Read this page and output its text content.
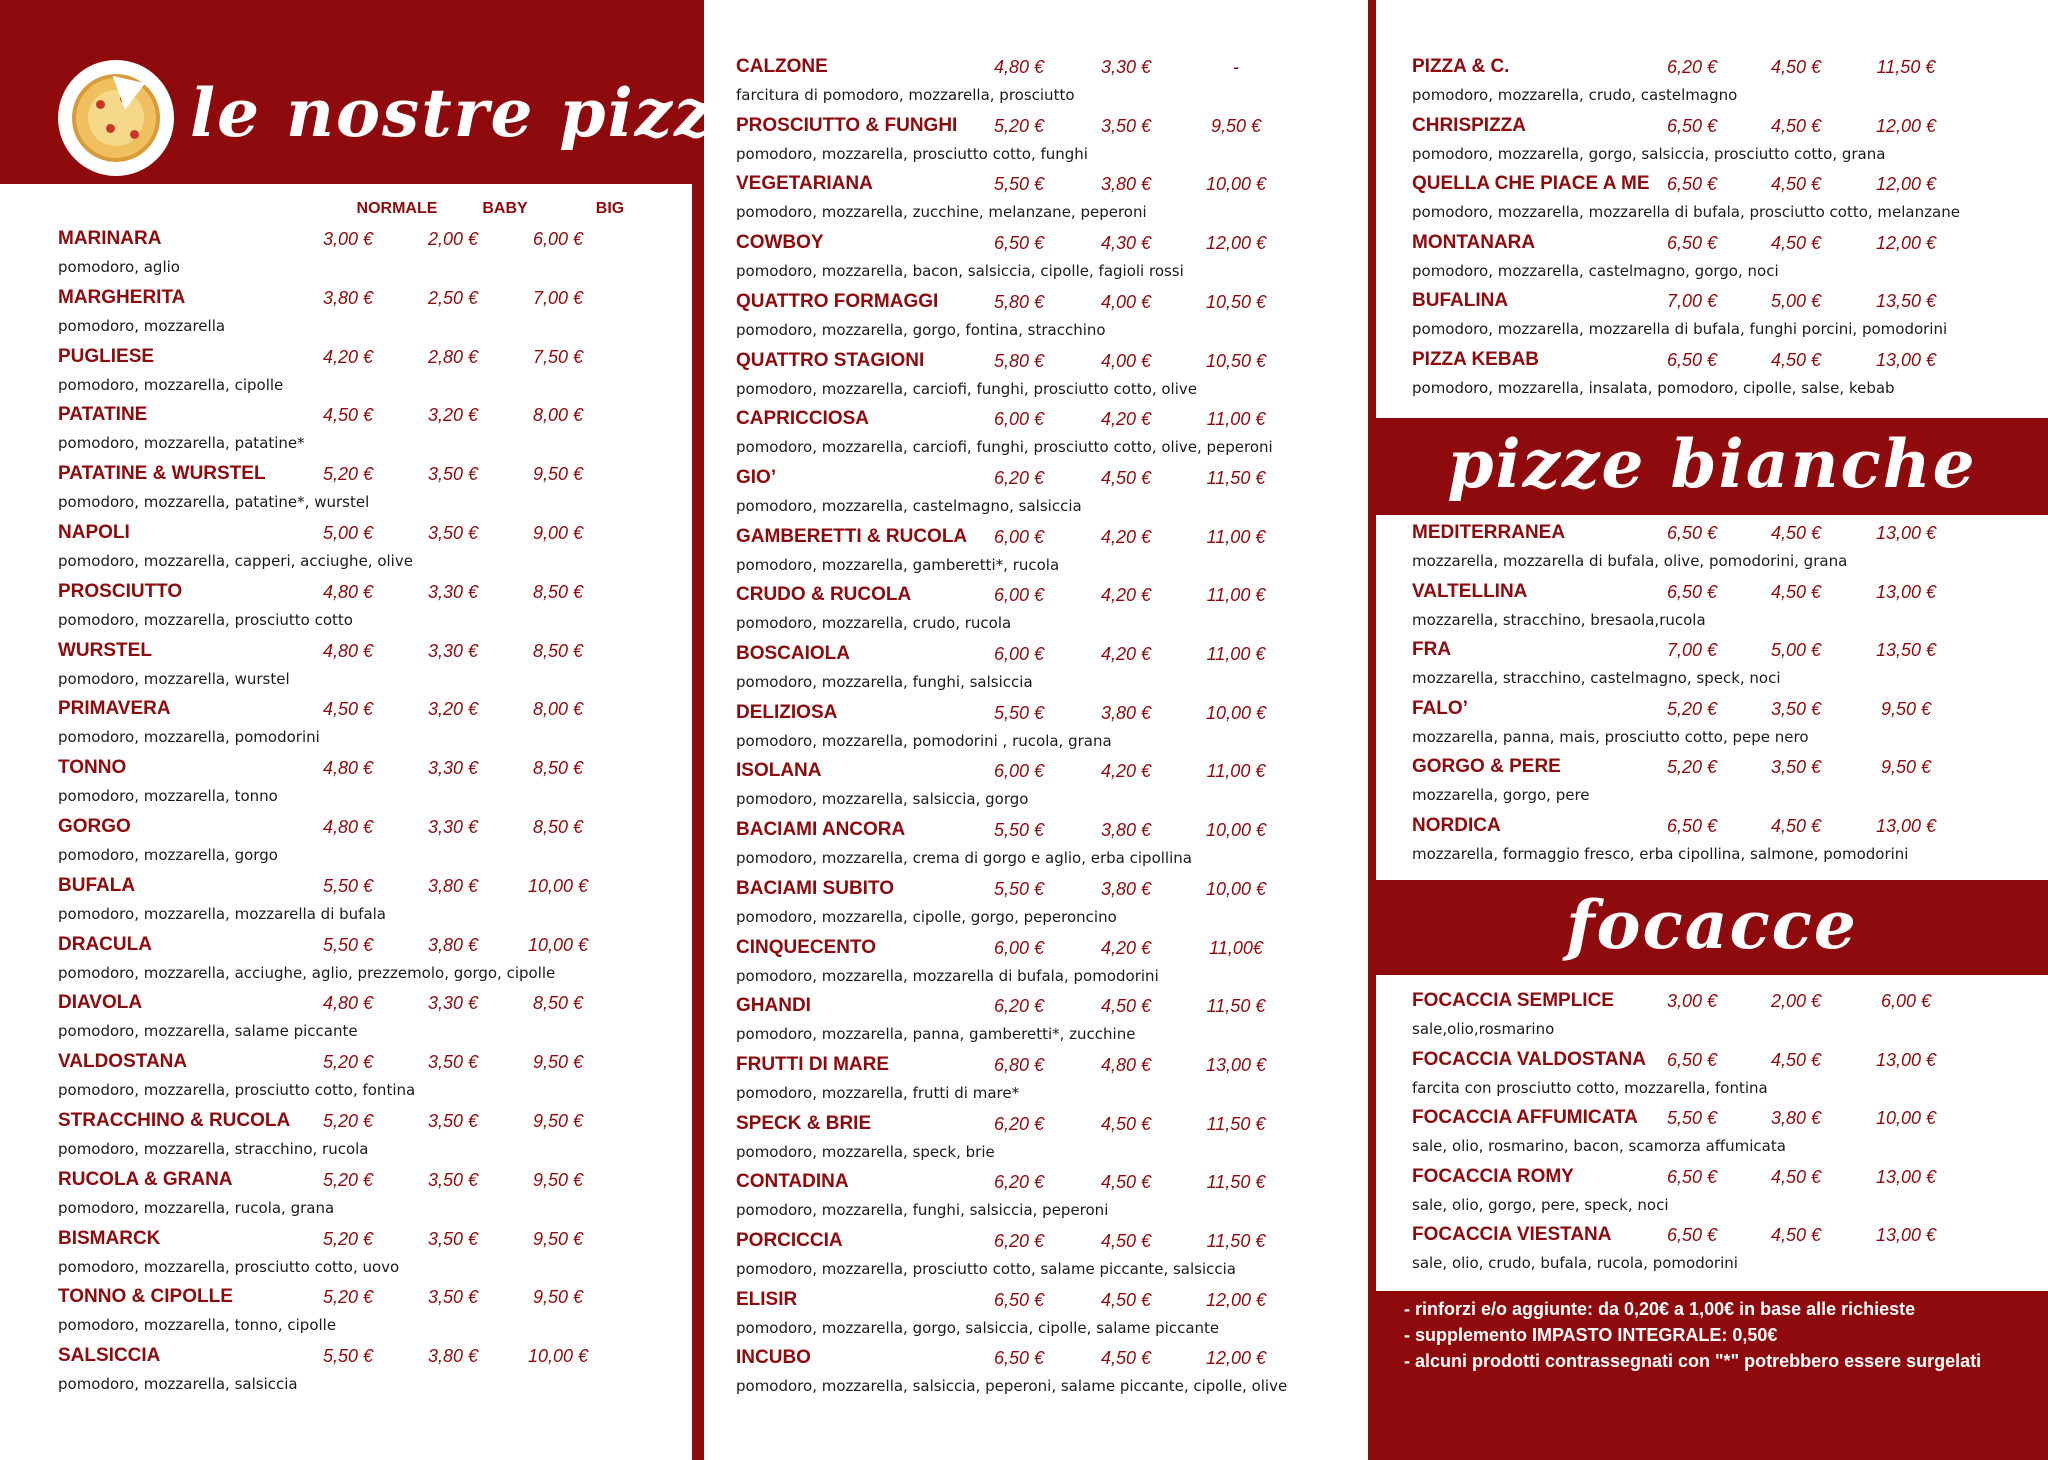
le nostre pizze
pizze bianche
focacce
NORMALE	BABY	BIG
MARINARA	3,00 €	2,00 €	6,00 €
pomodoro, aglio
MARGHERITA	3,80 €	2,50 €	7,00 €
pomodoro, mozzarella
PUGLIESE	4,20 €	2,80 €	7,50 €
pomodoro, mozzarella, cipolle
PATATINE	4,50 €	3,20 €	8,00 €
pomodoro, mozzarella, patatine*
PATATINE & WURSTEL	5,20 €	3,50 €	9,50 €
pomodoro, mozzarella, patatine*, wurstel
NAPOLI	5,00 €	3,50 €	9,00 €
pomodoro, mozzarella, capperi, acciughe, olive
PROSCIUTTO	4,80 €	3,30 €	8,50 €
pomodoro, mozzarella, prosciutto cotto
WURSTEL	4,80 €	3,30 €	8,50 €
pomodoro, mozzarella, wurstel
PRIMAVERA	4,50 €	3,20 €	8,00 €
pomodoro, mozzarella, pomodorini
TONNO	4,80 €	3,30 €	8,50 €
pomodoro, mozzarella, tonno
GORGO	4,80 €	3,30 €	8,50 €
pomodoro, mozzarella, gorgo
BUFALA	5,50 €	3,80 €	10,00 €
pomodoro, mozzarella, mozzarella di bufala
DRACULA	5,50 €	3,80 €	10,00 €
pomodoro, mozzarella, acciughe, aglio, prezzemolo, gorgo, cipolle
DIAVOLA	4,80 €	3,30 €	8,50 €
pomodoro, mozzarella, salame piccante
VALDOSTANA	5,20 €	3,50 €	9,50 €
pomodoro, mozzarella, prosciutto cotto, fontina
STRACCHINO & RUCOLA	5,20 €	3,50 €	9,50 €
pomodoro, mozzarella, stracchino, rucola
RUCOLA & GRANA	5,20 €	3,50 €	9,50 €
pomodoro, mozzarella, rucola, grana
BISMARCK	5,20 €	3,50 €	9,50 €
pomodoro, mozzarella, prosciutto cotto, uovo
TONNO & CIPOLLE	5,20 €	3,50 €	9,50 €
pomodoro, mozzarella, tonno, cipolle
SALSICCIA	5,50 €	3,80 €	10,00 €
pomodoro, mozzarella, salsiccia
CALZONE	4,80 €	3,30 €	-
farcitura di pomodoro, mozzarella, prosciutto
PROSCIUTTO & FUNGHI	5,20 €	3,50 €	9,50 €
pomodoro, mozzarella, prosciutto cotto, funghi
VEGETARIANA	5,50 €	3,80 €	10,00 €
pomodoro, mozzarella, zucchine, melanzane, peperoni
COWBOY	6,50 €	4,30 €	12,00 €
pomodoro, mozzarella, bacon, salsiccia, cipolle, fagioli rossi
QUATTRO FORMAGGI	5,80 €	4,00 €	10,50 €
pomodoro, mozzarella, gorgo, fontina, stracchino
QUATTRO STAGIONI	5,80 €	4,00 €	10,50 €
pomodoro, mozzarella, carciofi, funghi, prosciutto cotto, olive
CAPRICCIOSA	6,00 €	4,20 €	11,00 €
pomodoro, mozzarella, carciofi, funghi, prosciutto cotto, olive, peperoni
GIO’	6,20 €	4,50 €	11,50 €
pomodoro, mozzarella, castelmagno, salsiccia
GAMBERETTI & RUCOLA	6,00 €	4,20 €	11,00 €
pomodoro, mozzarella, gamberetti*, rucola
CRUDO & RUCOLA	6,00 €	4,20 €	11,00 €
pomodoro, mozzarella, crudo, rucola
BOSCAIOLA	6,00 €	4,20 €	11,00 €
pomodoro, mozzarella, funghi, salsiccia
DELIZIOSA	5,50 €	3,80 €	10,00 €
pomodoro, mozzarella, pomodorini , rucola, grana
ISOLANA	6,00 €	4,20 €	11,00 €
pomodoro, mozzarella, salsiccia, gorgo
BACIAMI ANCORA	5,50 €	3,80 €	10,00 €
pomodoro, mozzarella, crema di gorgo e aglio, erba cipollina
BACIAMI SUBITO	5,50 €	3,80 €	10,00 €
pomodoro, mozzarella, cipolle, gorgo, peperoncino
CINQUECENTO	6,00 €	4,20 €	11,00€
pomodoro, mozzarella, mozzarella di bufala, pomodorini
GHANDI	6,20 €	4,50 €	11,50 €
pomodoro, mozzarella, panna, gamberetti*, zucchine
FRUTTI DI MARE	6,80 €	4,80 €	13,00 €
pomodoro, mozzarella, frutti di mare*
SPECK & BRIE	6,20 €	4,50 €	11,50 €
pomodoro, mozzarella, speck, brie
CONTADINA	6,20 €	4,50 €	11,50 €
pomodoro, mozzarella, funghi, salsiccia, peperoni
PORCICCIA	6,20 €	4,50 €	11,50 €
pomodoro, mozzarella, prosciutto cotto, salame piccante, salsiccia
ELISIR	6,50 €	4,50 €	12,00 €
pomodoro, mozzarella, gorgo, salsiccia, cipolle, salame piccante
INCUBO	6,50 €	4,50 €	12,00 €
pomodoro, mozzarella, salsiccia, peperoni, salame piccante, cipolle, olive
PIZZA & C.	6,20 €	4,50 €	11,50 €
pomodoro, mozzarella, crudo, castelmagno
CHRISPIZZA	6,50 €	4,50 €	12,00 €
pomodoro, mozzarella, gorgo, salsiccia, prosciutto cotto, grana
QUELLA CHE PIACE A ME 6,50 €	4,50 €	12,00 €
pomodoro, mozzarella, mozzarella di bufala, prosciutto cotto, melanzane
MONTANARA	6,50 €	4,50 €	12,00 €
pomodoro, mozzarella, castelmagno, gorgo, noci
BUFALINA	7,00 €	5,00 €	13,50 €
pomodoro, mozzarella, mozzarella di bufala, funghi porcini, pomodorini
PIZZA KEBAB	6,50 €	4,50 €	13,00 €
pomodoro, mozzarella, insalata, pomodoro, cipolle, salse, kebab
MEDITERRANEA	6,50 €	4,50 €	13,00 €
mozzarella, mozzarella di bufala, olive, pomodorini, grana
VALTELLINA	6,50 €	4,50 €	13,00 €
mozzarella, stracchino, bresaola,rucola
FRA	7,00 €	5,00 €	13,50 €
mozzarella, stracchino, castelmagno, speck, noci
FALO’	5,20 €	3,50 €	9,50 €
mozzarella, panna, mais, prosciutto cotto, pepe nero
GORGO & PERE	5,20 €	3,50 €	9,50 €
mozzarella, gorgo, pere
NORDICA	6,50 €	4,50 €	13,00 €
mozzarella, formaggio fresco, erba cipollina, salmone, pomodorini
FOCACCIA SEMPLICE	3,00 €	2,00 €	6,00 €
sale,olio,rosmarino
FOCACCIA VALDOSTANA	6,50 €	4,50 €	13,00 €
farcita con prosciutto cotto, mozzarella, fontina
FOCACCIA AFFUMICATA	5,50 €	3,80 €	10,00 €
sale, olio, rosmarino, bacon, scamorza affumicata
FOCACCIA ROMY	6,50 €	4,50 €	13,00 €
sale, olio, gorgo, pere, speck, noci
FOCACCIA VIESTANA	6,50 €	4,50 €	13,00 €
sale, olio, crudo, bufala, rucola, pomodorini
- rinforzi e/o aggiunte: da 0,20€ a 1,00€ in base alle richieste
- supplemento IMPASTO INTEGRALE: 0,50€
- alcuni prodotti contrassegnati con "*" potrebbero essere surgelati
